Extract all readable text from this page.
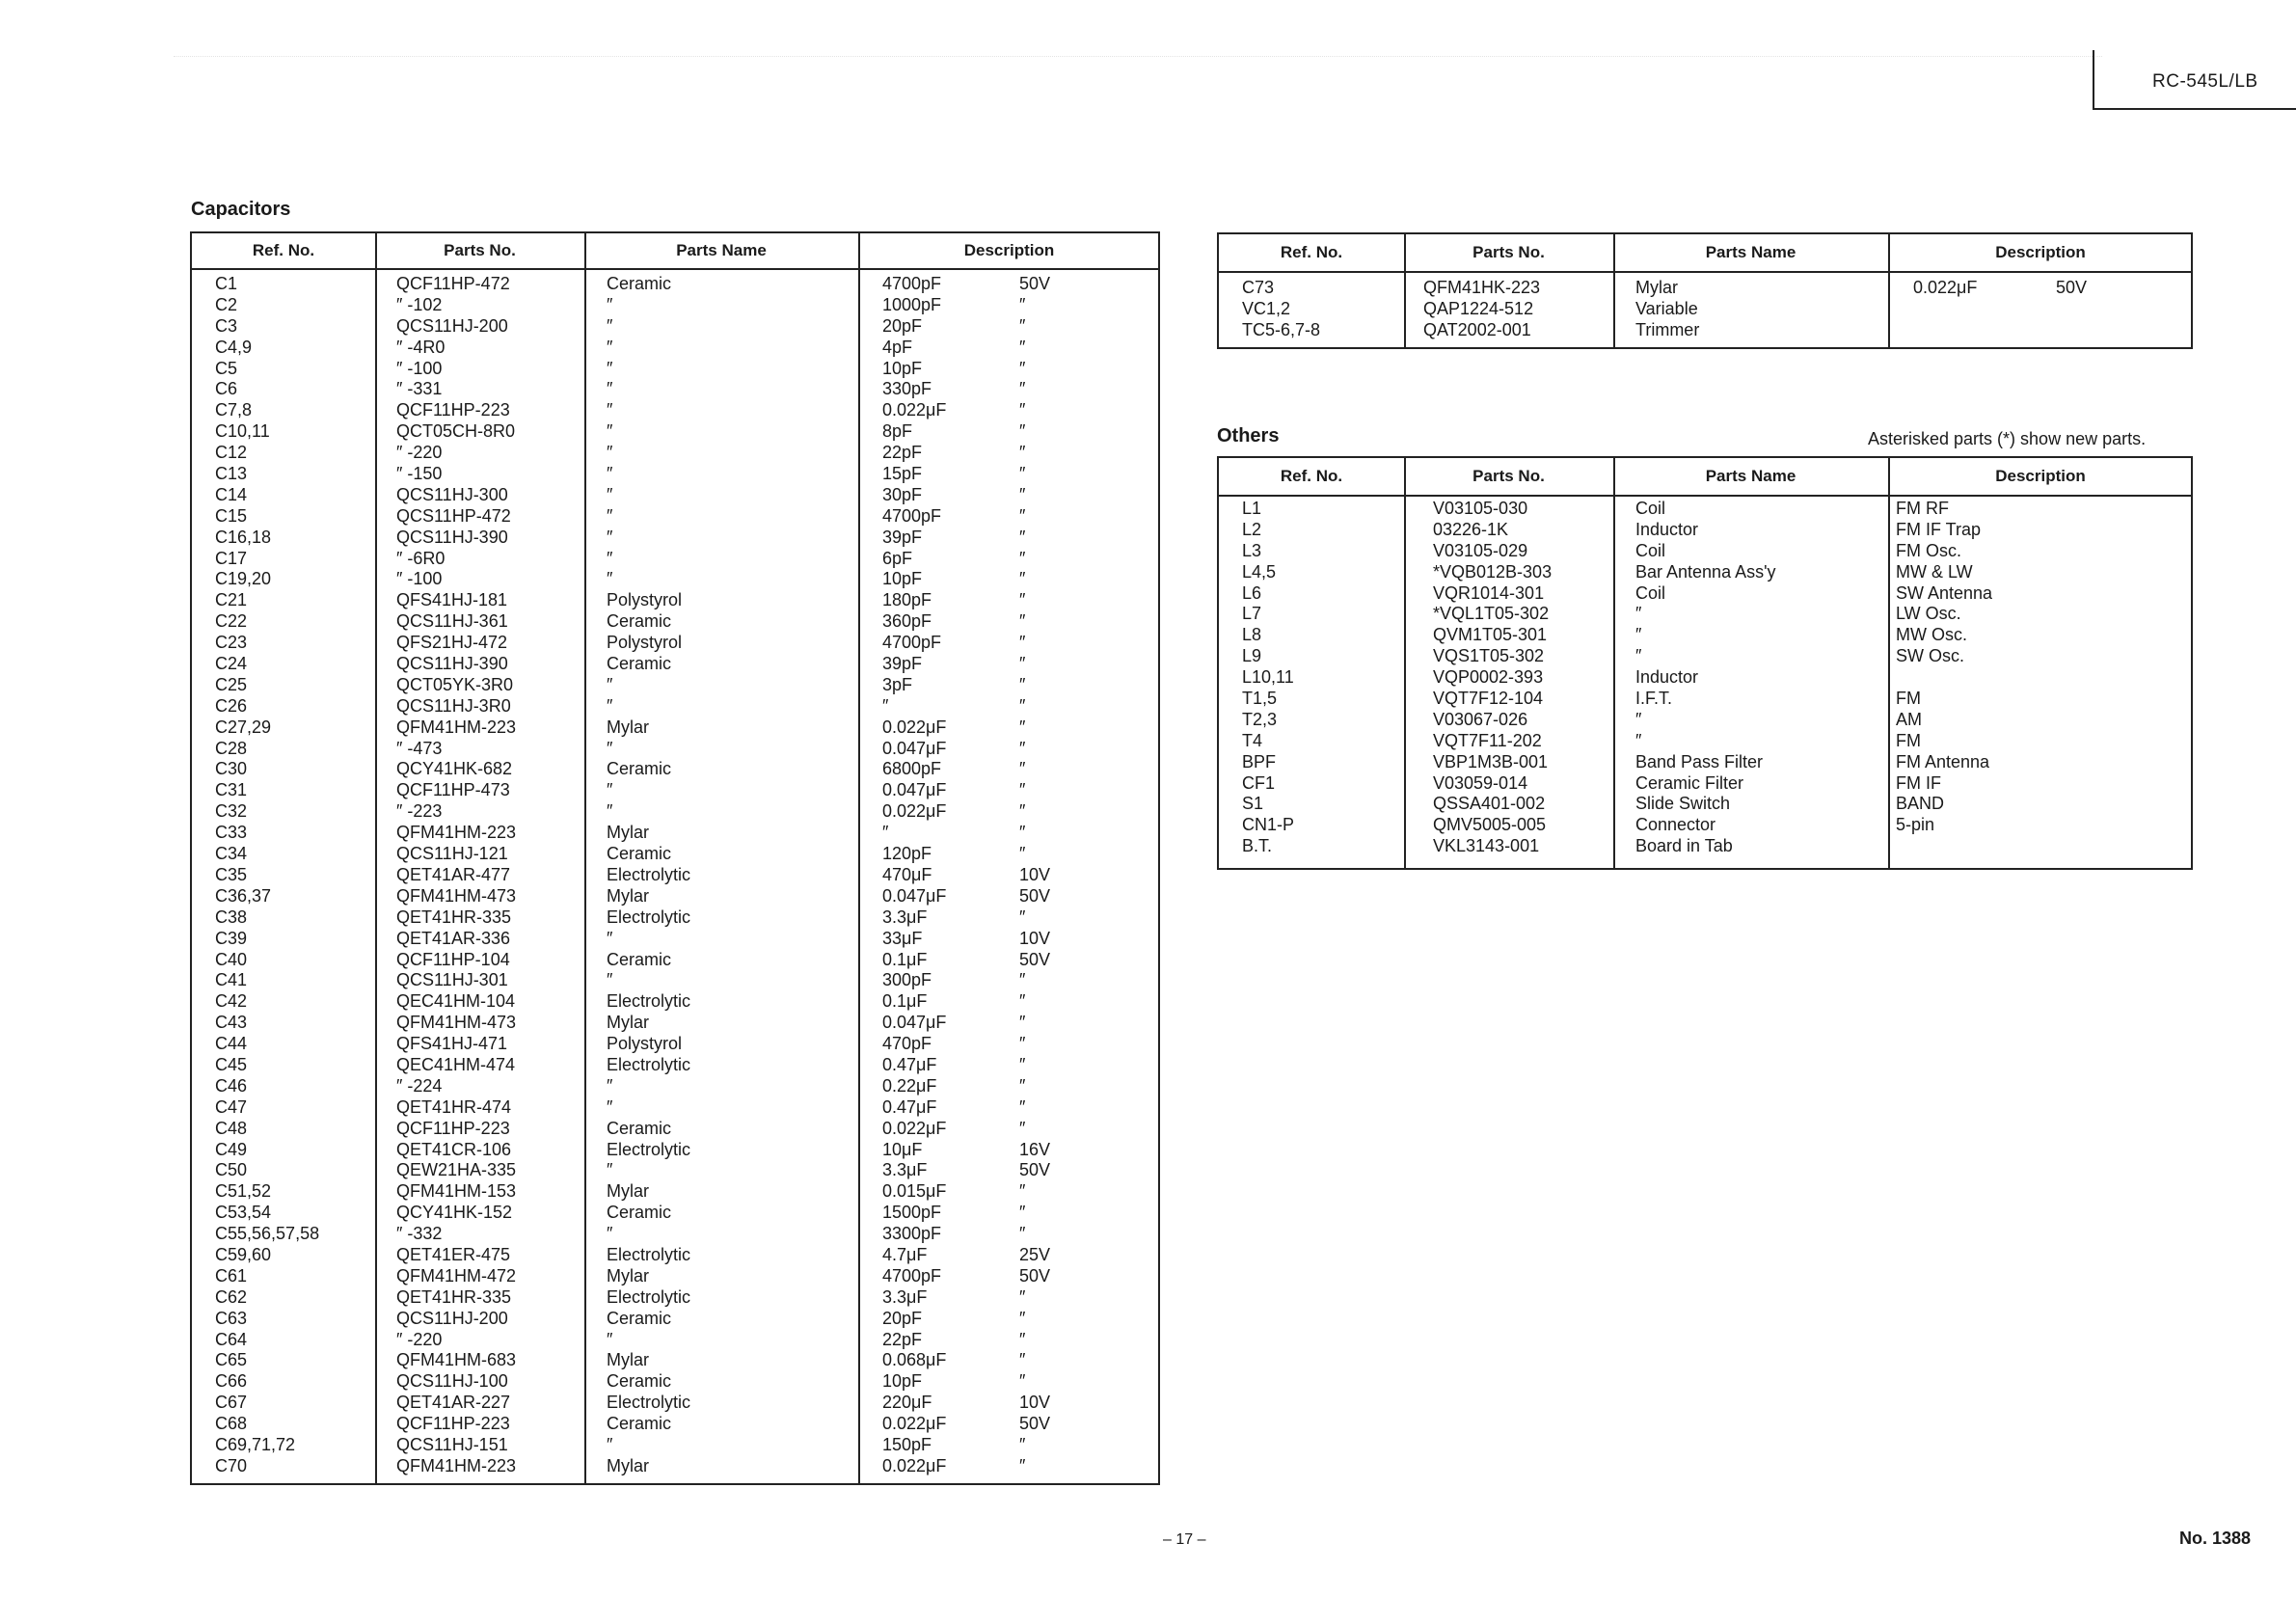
RC-545L/LB
Capacitors
Ref. No.	Parts No.	Parts Name	Description
C1	QCF11HP-472	Ceramic	4700pF	50V
C2	″ -102	″	1000pF	″
C3	QCS11HJ-200	″	20pF	″
C4,9	″ -4R0	″	4pF	″
C5	″ -100	″	10pF	″
C6	″ -331	″	330pF	″
C7,8	QCF11HP-223	″	0.022μF	″
C10,11	QCT05CH-8R0	″	8pF	″
C12	″ -220	″	22pF	″
C13	″ -150	″	15pF	″
C14	QCS11HJ-300	″	30pF	″
C15	QCS11HP-472	″	4700pF	″
C16,18	QCS11HJ-390	″	39pF	″
C17	″ -6R0	″	6pF	″
C19,20	″ -100	″	10pF	″
C21	QFS41HJ-181	Polystyrol	180pF	″
C22	QCS11HJ-361	Ceramic	360pF	″
C23	QFS21HJ-472	Polystyrol	4700pF	″
C24	QCS11HJ-390	Ceramic	39pF	″
C25	QCT05YK-3R0	″	3pF	″
C26	QCS11HJ-3R0	″	″	″
C27,29	QFM41HM-223	Mylar	0.022μF	″
C28	″ -473	″	0.047μF	″
C30	QCY41HK-682	Ceramic	6800pF	″
C31	QCF11HP-473	″	0.047μF	″
C32	″ -223	″	0.022μF	″
C33	QFM41HM-223	Mylar	″	″
C34	QCS11HJ-121	Ceramic	120pF	″
C35	QET41AR-477	Electrolytic	470μF	10V
C36,37	QFM41HM-473	Mylar	0.047μF	50V
C38	QET41HR-335	Electrolytic	3.3μF	″
C39	QET41AR-336	″	33μF	10V
C40	QCF11HP-104	Ceramic	0.1μF	50V
C41	QCS11HJ-301	″	300pF	″
C42	QEC41HM-104	Electrolytic	0.1μF	″
C43	QFM41HM-473	Mylar	0.047μF	″
C44	QFS41HJ-471	Polystyrol	470pF	″
C45	QEC41HM-474	Electrolytic	0.47μF	″
C46	″ -224	″	0.22μF	″
C47	QET41HR-474	″	0.47μF	″
C48	QCF11HP-223	Ceramic	0.022μF	″
C49	QET41CR-106	Electrolytic	10μF	16V
C50	QEW21HA-335	″	3.3μF	50V
C51,52	QFM41HM-153	Mylar	0.015μF	″
C53,54	QCY41HK-152	Ceramic	1500pF	″
C55,56,57,58	″ -332	″	3300pF	″
C59,60	QET41ER-475	Electrolytic	4.7μF	25V
C61	QFM41HM-472	Mylar	4700pF	50V
C62	QET41HR-335	Electrolytic	3.3μF	″
C63	QCS11HJ-200	Ceramic	20pF	″
C64	″ -220	″	22pF	″
C65	QFM41HM-683	Mylar	0.068μF	″
C66	QCS11HJ-100	Ceramic	10pF	″
C67	QET41AR-227	Electrolytic	220μF	10V
C68	QCF11HP-223	Ceramic	0.022μF	50V
C69,71,72	QCS11HJ-151	″	150pF	″
C70	QFM41HM-223	Mylar	0.022μF	″
Ref. No.	Parts No.	Parts Name	Description
C73	QFM41HK-223	Mylar	0.022μF	50V
VC1,2	QAP1224-512	Variable
TC5-6,7-8	QAT2002-001	Trimmer
Others	Asterisked parts (*) show new parts.
Ref. No.	Parts No.	Parts Name	Description
L1	V03105-030	Coil	FM RF
L2	03226-1K	Inductor	FM IF Trap
L3	V03105-029	Coil	FM Osc.
L4,5	*VQB012B-303	Bar Antenna Ass'y	MW & LW
L6	VQR1014-301	Coil	SW Antenna
L7	*VQL1T05-302	″	LW Osc.
L8	QVM1T05-301	″	MW Osc.
L9	VQS1T05-302	″	SW Osc.
L10,11	VQP0002-393	Inductor
T1,5	VQT7F12-104	I.F.T.	FM
T2,3	V03067-026	″	AM
T4	VQT7F11-202	″	FM
BPF	VBP1M3B-001	Band Pass Filter	FM Antenna
CF1	V03059-014	Ceramic Filter	FM IF
S1	QSSA401-002	Slide Switch	BAND
CN1-P	QMV5005-005	Connector	5-pin
B.T.	VKL3143-001	Board in Tab
– 17 –	No. 1388
